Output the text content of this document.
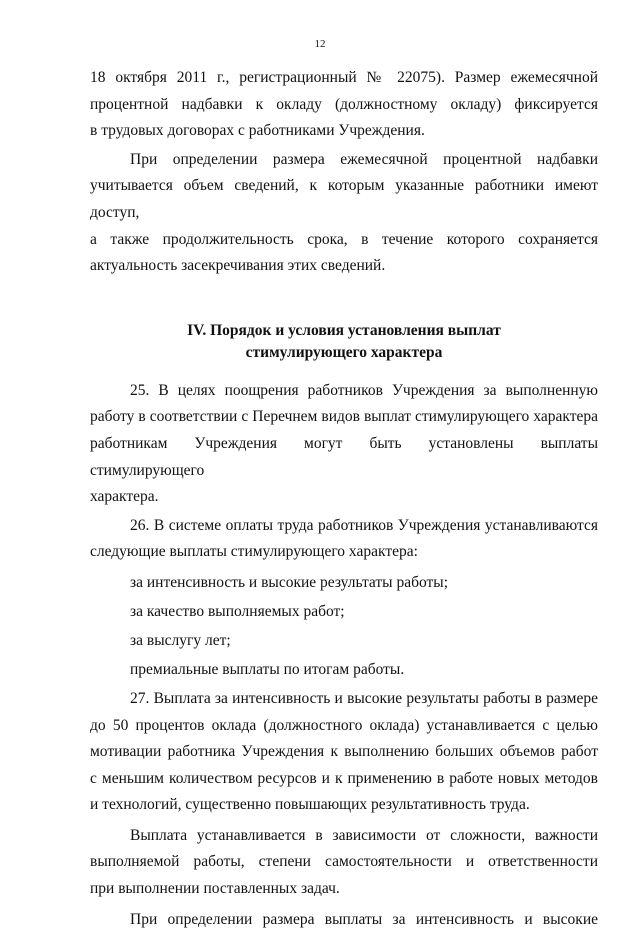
12

18 октября 2011 г., регистрационный № 22075). Размер ежемесячной

процентной надбавки к окладу (должностному окладу) фиксируется

в трудовых договорах с работниками Учреждения.

При определении размера ежемесячной процентной надбавки

учитывается объем сведений, к которым указанные работники имеют доступ,

а также продолжительность срока, в течение которого сохраняется

актуальность засекречивания этих сведений.

IV. Порядок и условия установления выплат
стимулирующего характера

25. В целях поощрения работников Учреждения за выполненную

работу в соответствии с Перечнем видов выплат стимулирующего характера

работникам Учреждения могут быть установлены выплаты стимулирующего

характера.

26. В системе оплаты труда работников Учреждения устанавливаются

следующие выплаты стимулирующего характера:

за интенсивность и высокие результаты работы;

за качество выполняемых работ;

за выслугу лет;

премиальные выплаты по итогам работы.

27. Выплата за интенсивность и высокие результаты работы в размере

до 50 процентов оклада (должностного оклада) устанавливается с целью

мотивации работника Учреждения к выполнению больших объемов работ

с меньшим количеством ресурсов и к применению в работе новых методов

и технологий, существенно повышающих результативность труда.

Выплата устанавливается в зависимости от сложности, важности

выполняемой работы, степени самостоятельности и ответственности

при выполнении поставленных задач.

При определении размера выплаты за интенсивность и высокие
